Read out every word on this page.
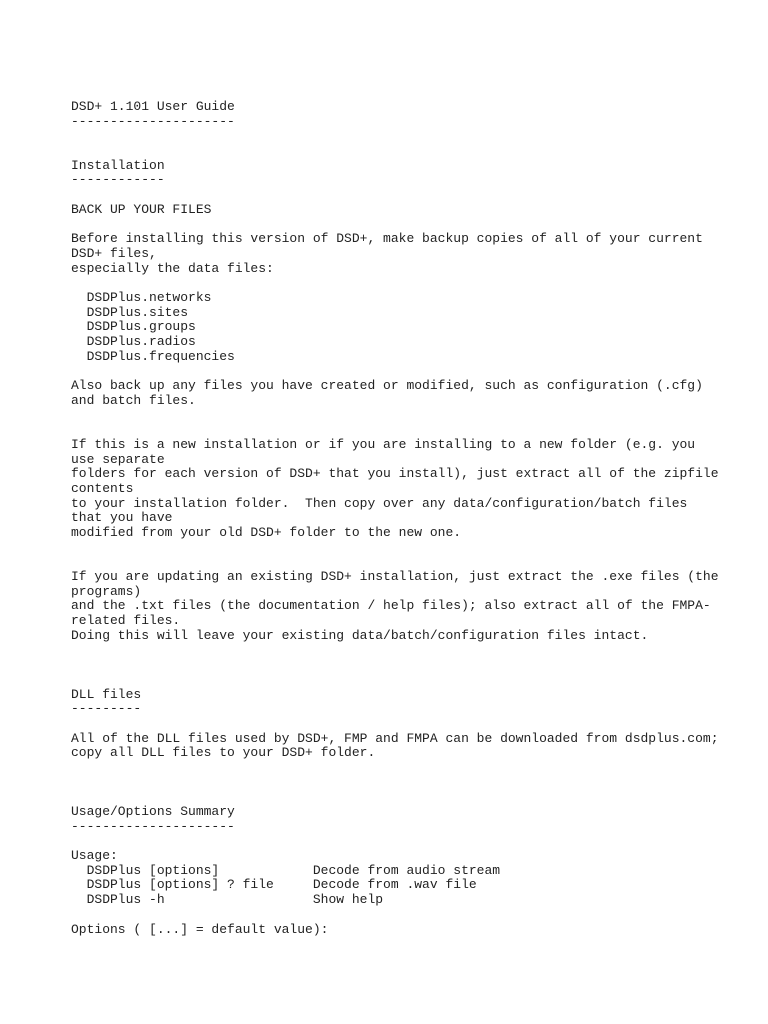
DSD+ 1.101 User Guide
---------------------
Installation
------------
BACK UP YOUR FILES
Before installing this version of DSD+, make backup copies of all of your current
DSD+ files,
especially the data files:
DSDPlus.networks
DSDPlus.sites
DSDPlus.groups
DSDPlus.radios
DSDPlus.frequencies
Also back up any files you have created or modified, such as configuration (.cfg)
and batch files.
If this is a new installation or if you are installing to a new folder (e.g. you
use separate
folders for each version of DSD+ that you install), just extract all of the zipfile
contents
to your installation folder.  Then copy over any data/configuration/batch files
that you have
modified from your old DSD+ folder to the new one.
If you are updating an existing DSD+ installation, just extract the .exe files (the
programs)
and the .txt files (the documentation / help files); also extract all of the FMPA-
related files.
Doing this will leave your existing data/batch/configuration files intact.
DLL files
---------
All of the DLL files used by DSD+, FMP and FMPA can be downloaded from dsdplus.com;
copy all DLL files to your DSD+ folder.
Usage/Options Summary
---------------------
Usage:
DSDPlus [options]            Decode from audio stream
DSDPlus [options] ? file     Decode from .wav file
DSDPlus -h                   Show help
Options ( [...] = default value):
